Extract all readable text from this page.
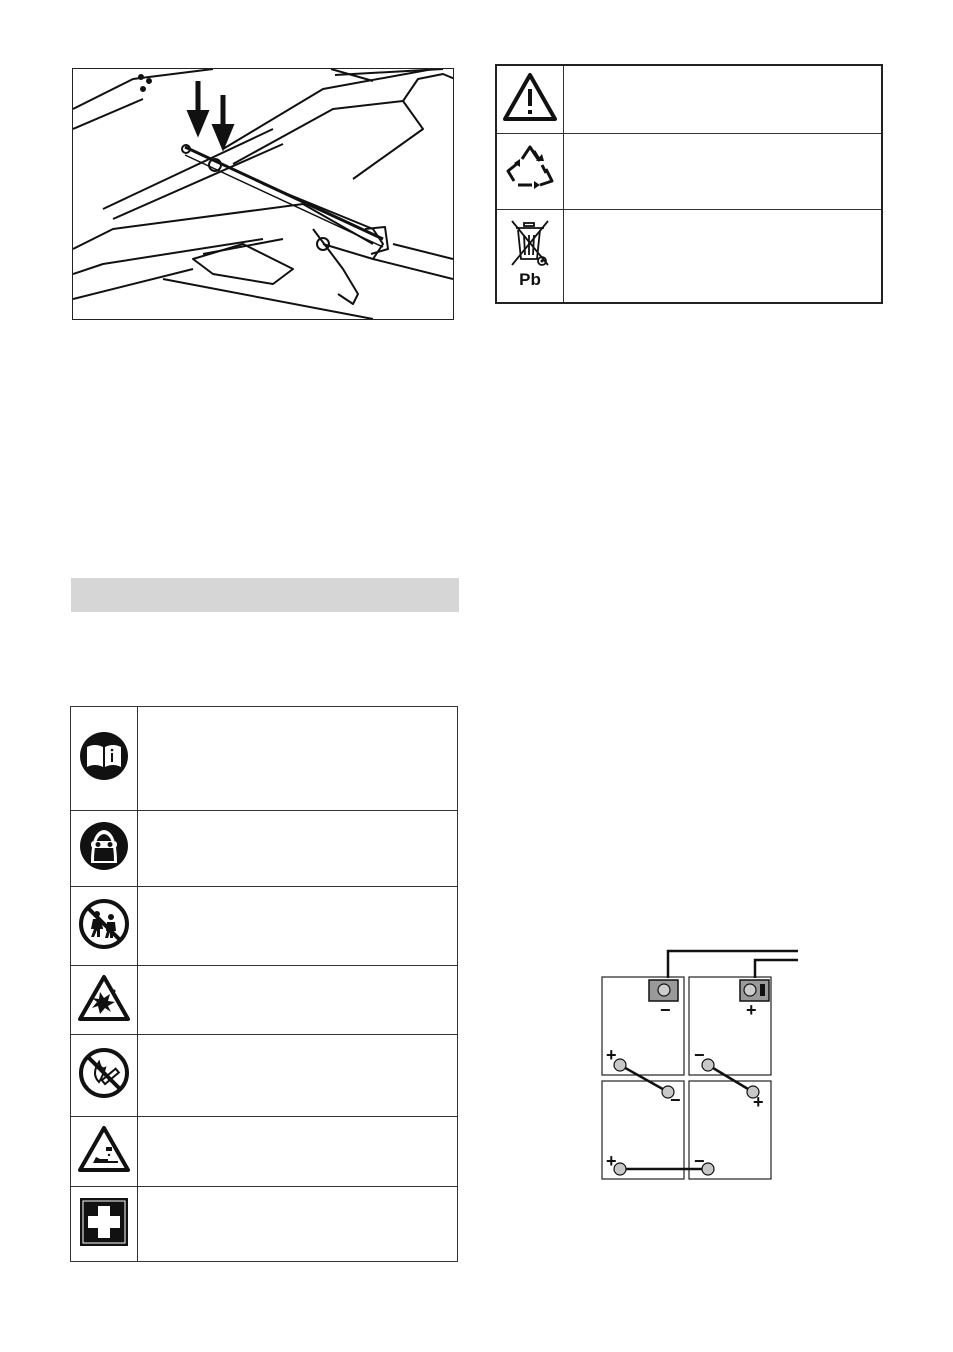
Pb	

−	+
+	−
−	+
+	−
